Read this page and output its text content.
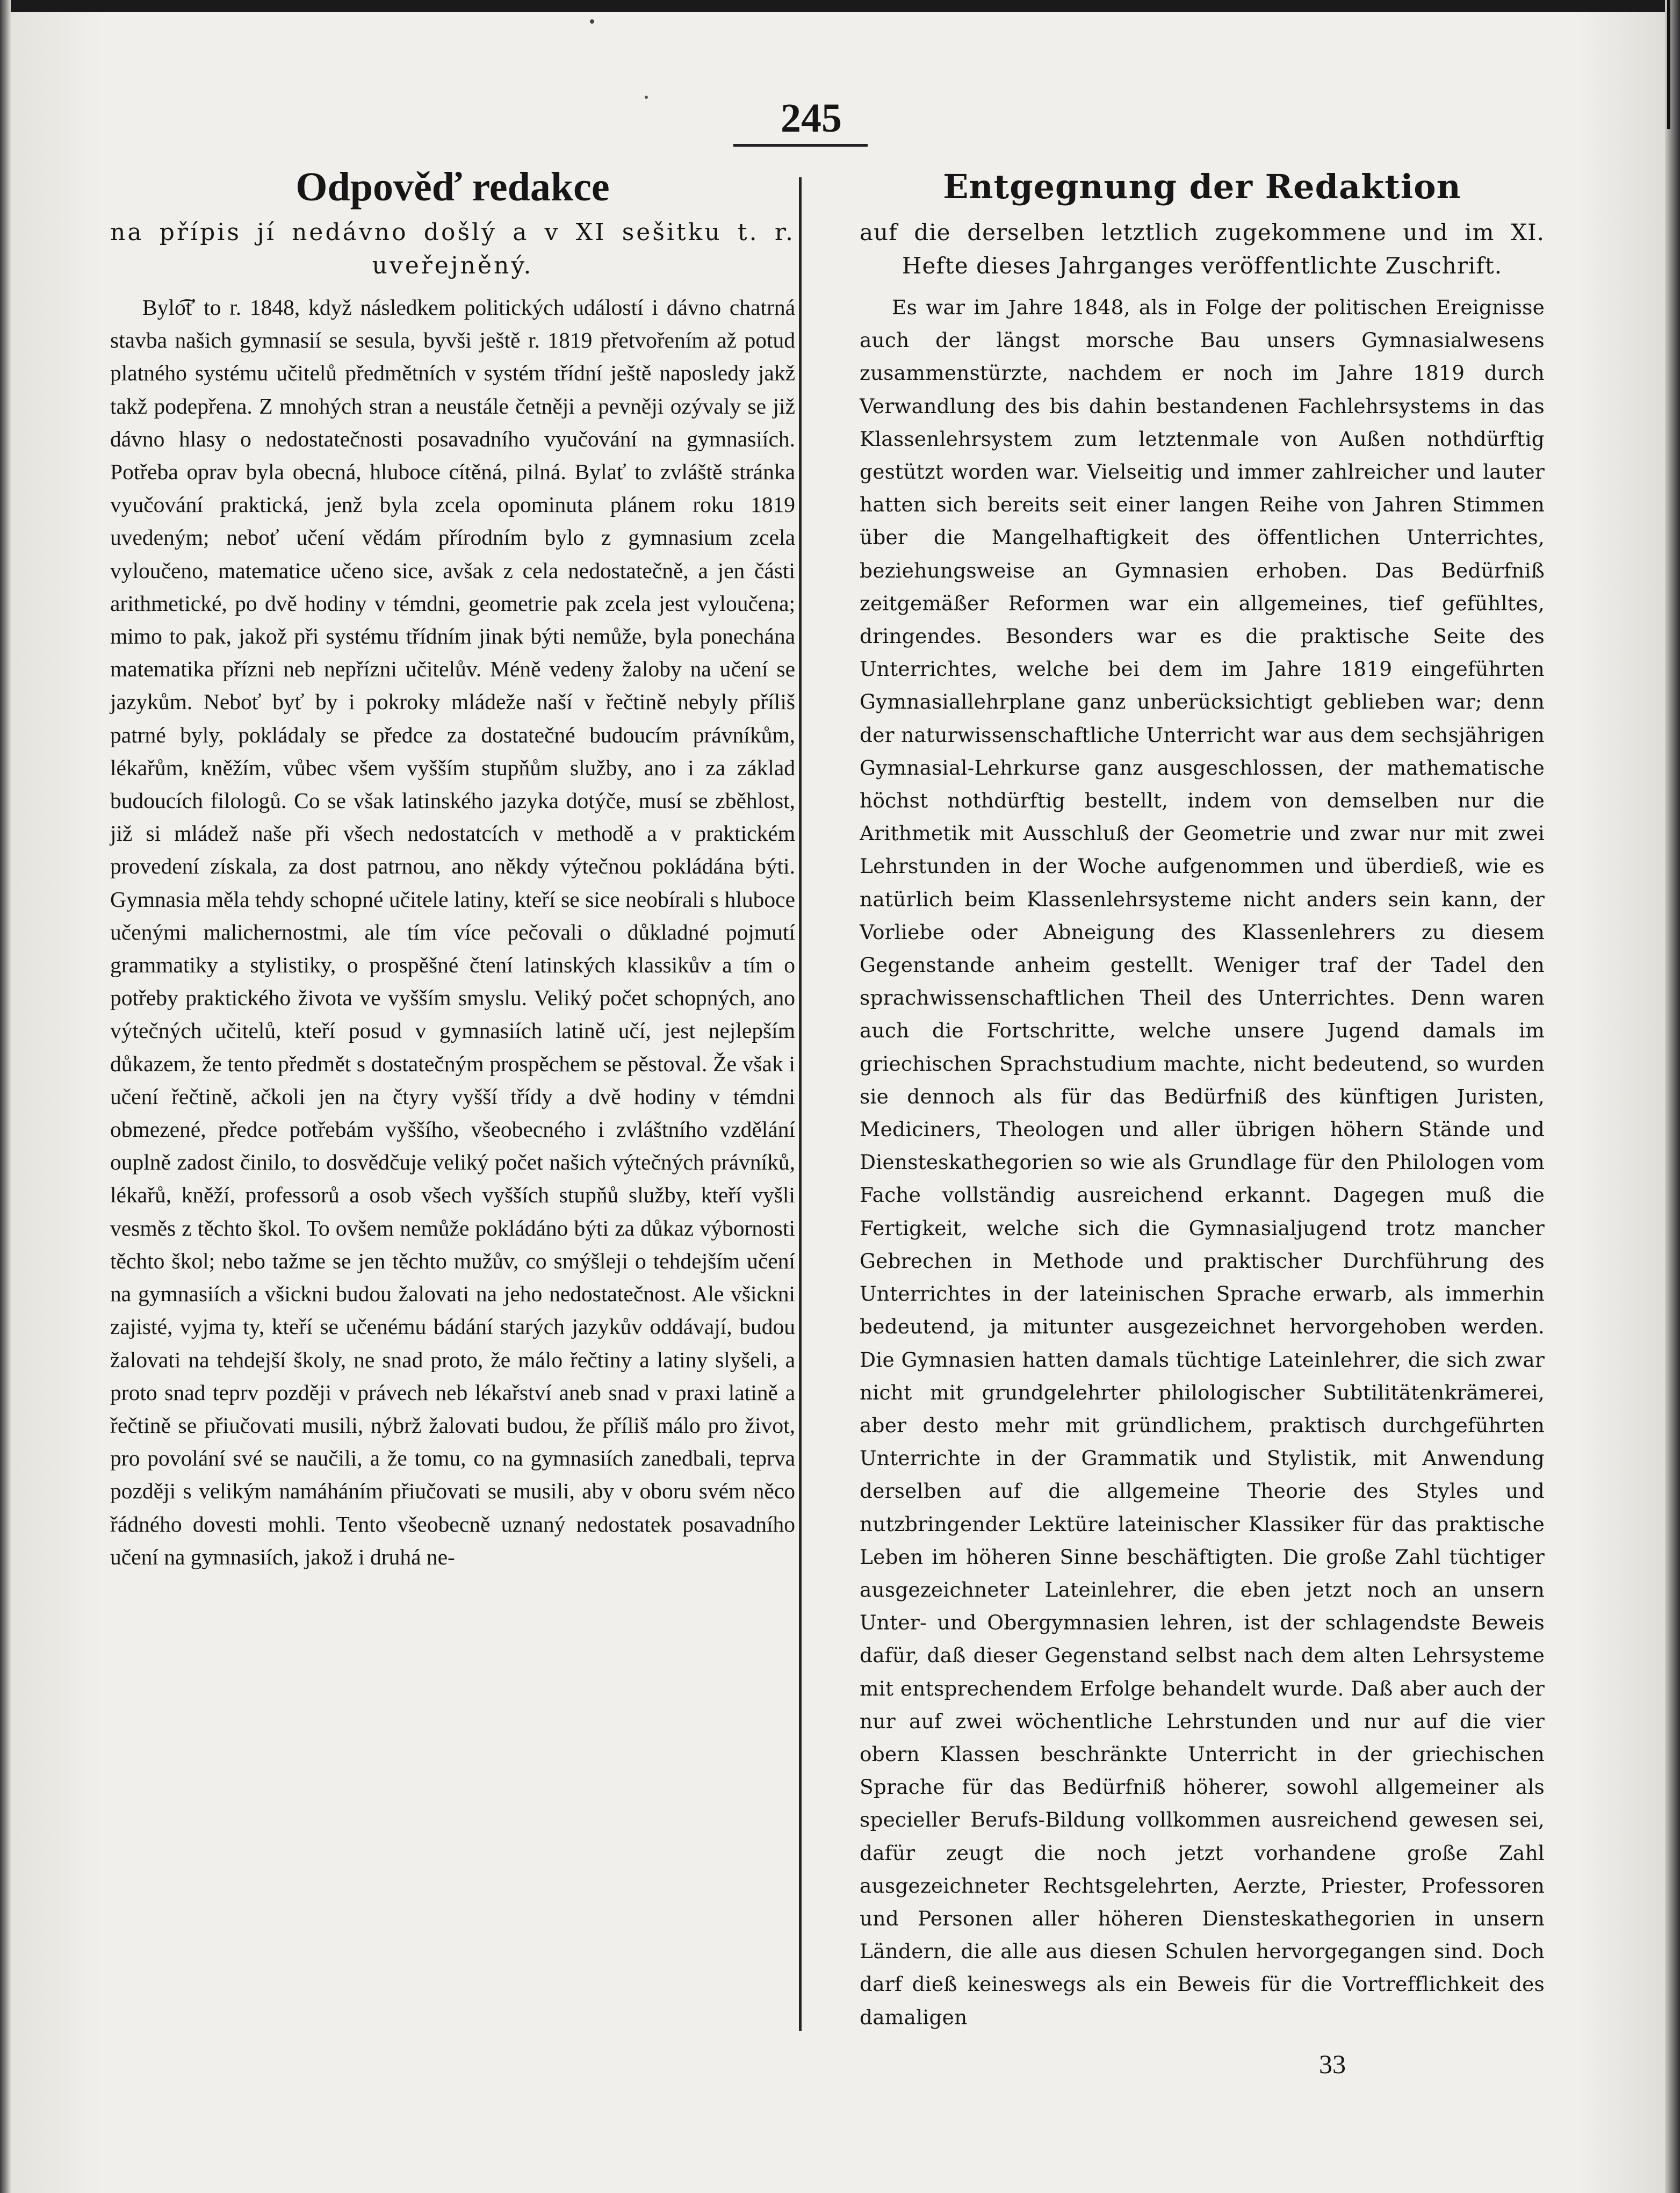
245
Odpověď redakce

na přípis jí nedávno došlý a v XI sešitku t. r. uveřejněný.

Bylo͡ť to r. 1848, když následkem politických událostí i dávno chatrná stavba našich gymnasií se sesula, byvši ještě r. 1819 přetvořením až potud platného systému učitelů předmětních v systém třídní ještě naposledy jakž takž podepřena. Z mnohých stran a neustále četněji a pevněji ozývaly se již dávno hlasy o nedostatečnosti posavadního vyučování na gymnasiích. Potřeba oprav byla obecná, hluboce cítěná, pilná. Bylať to zvláště stránka vyučování praktická, jenž byla zcela opominuta plánem roku 1819 uvedeným; neboť učení vědám přírodním bylo z gymnasium zcela vyloučeno, matematice učeno sice, avšak z cela nedostatečně, a jen části arithmetické, po dvě hodiny v témdni, geometrie pak zcela jest vyloučena; mimo to pak, jakož při systému třídním jinak býti nemůže, byla ponechána matematika přízni neb nepřízni učitelův. Méně vedeny žaloby na učení se jazykům. Neboť byť by i pokroky mládeže naší v řečtině nebyly příliš patrné byly, pokládaly se předce za dostatečné budoucím právníkům, lékařům, kněžím, vůbec všem vyšším stupňům služby, ano i za základ budoucích filologů. Co se však latinského jazyka dotýče, musí se zběhlost, již si mládež naše při všech nedostatcích v methodě a v praktickém provedení získala, za dost patrnou, ano někdy výtečnou pokládána býti. Gymnasia měla tehdy schopné učitele latiny, kteří se sice neobírali s hluboce učenými malichernostmi, ale tím více pečovali o důkladné pojmutí grammatiky a stylistiky, o prospěšné čtení latinských klassikův a tím o potřeby praktického života ve vyšším smyslu. Veliký počet schopných, ano výtečných učitelů, kteří posud v gymnasiích latině učí, jest nejlepším důkazem, že tento předmět s dostatečným prospěchem se pěstoval. Že však i učení řečtině, ačkoli jen na čtyry vyšší třídy a dvě hodiny v témdni obmezené, předce potřebám vyššího, všeobecného i zvláštního vzdělání ouplně zadost činilo, to dosvědčuje veliký počet našich výtečných právníků, lékařů, kněží, professorů a osob všech vyšších stupňů služby, kteří vyšli vesměs z těchto škol. To ovšem nemůže pokládáno býti za důkaz výbornosti těchto škol; nebo tažme se jen těchto mužův, co smýšleji o tehdejším učení na gymnasiích a všickni budou žalovati na jeho nedostatečnost. Ale všickni zajisté, vyjma ty, kteří se učenému bádání starých jazykův oddávají, budou žalovati na tehdejší školy, ne snad proto, že málo řečtiny a latiny slyšeli, a proto snad teprv později v právech neb lékařství aneb snad v praxi latině a řečtině se přiučovati musili, nýbrž žalovati budou, že příliš málo pro život, pro povolání své se naučili, a že tomu, co na gymnasiích zanedbali, teprva později s velikým namáháním přiučovati se musili, aby v oboru svém něco řádného dovesti mohli. Tento všeobecně uznaný nedostatek posavadního učení na gymnasiích, jakož i druhá ne-

Entgegnung der Redaktion

auf die derselben letztlich zugekommene und im XI. Hefte dieses Jahrganges veröffentlichte Zuschrift.

Es war im Jahre 1848, als in Folge der politischen Ereignisse auch der längst morsche Bau unsers Gymnasialwesens zusammenstürzte, nachdem er noch im Jahre 1819 durch Verwandlung des bis dahin bestandenen Fachlehrsystems in das Klassenlehrsystem zum letztenmale von Außen nothdürftig gestützt worden war. Vielseitig und immer zahlreicher und lauter hatten sich bereits seit einer langen Reihe von Jahren Stimmen über die Mangelhaftigkeit des öffentlichen Unterrichtes, beziehungsweise an Gymnasien erhoben. Das Bedürfniß zeitgemäßer Reformen war ein allgemeines, tief gefühltes, dringendes. Besonders war es die praktische Seite des Unterrichtes, welche bei dem im Jahre 1819 eingeführten Gymnasiallehrplane ganz unberücksichtigt geblieben war; denn der naturwissenschaftliche Unterricht war aus dem sechsjährigen Gymnasial-Lehrkurse ganz ausgeschlossen, der mathematische höchst nothdürftig bestellt, indem von demselben nur die Arithmetik mit Ausschluß der Geometrie und zwar nur mit zwei Lehrstunden in der Woche aufgenommen und überdieß, wie es natürlich beim Klassenlehrsysteme nicht anders sein kann, der Vorliebe oder Abneigung des Klassenlehrers zu diesem Gegenstande anheim gestellt. Weniger traf der Tadel den sprachwissenschaftlichen Theil des Unterrichtes. Denn waren auch die Fortschritte, welche unsere Jugend damals im griechischen Sprachstudium machte, nicht bedeutend, so wurden sie dennoch als für das Bedürfniß des künftigen Juristen, Mediciners, Theologen und aller übrigen höhern Stände und Diensteskathegorien so wie als Grundlage für den Philologen vom Fache vollständig ausreichend erkannt. Dagegen muß die Fertigkeit, welche sich die Gymnasialjugend trotz mancher Gebrechen in Methode und praktischer Durchführung des Unterrichtes in der lateinischen Sprache erwarb, als immerhin bedeutend, ja mitunter ausgezeichnet hervorgehoben werden. Die Gymnasien hatten damals tüchtige Lateinlehrer, die sich zwar nicht mit grundgelehrter philologischer Subtilitätenkrämerei, aber desto mehr mit gründlichem, praktisch durchgeführten Unterrichte in der Grammatik und Stylistik, mit Anwendung derselben auf die allgemeine Theorie des Styles und nutzbringender Lektüre lateinischer Klassiker für das praktische Leben im höheren Sinne beschäftigten. Die große Zahl tüchtiger ausgezeichneter Lateinlehrer, die eben jetzt noch an unsern Unter- und Obergymnasien lehren, ist der schlagendste Beweis dafür, daß dieser Gegenstand selbst nach dem alten Lehrsysteme mit entsprechendem Erfolge behandelt wurde. Daß aber auch der nur auf zwei wöchentliche Lehrstunden und nur auf die vier obern Klassen beschränkte Unterricht in der griechischen Sprache für das Bedürfniß höherer, sowohl allgemeiner als specieller Berufs-Bildung vollkommen ausreichend gewesen sei, dafür zeugt die noch jetzt vorhandene große Zahl ausgezeichneter Rechtsgelehrten, Aerzte, Priester, Professoren und Personen aller höheren Diensteskathegorien in unsern Ländern, die alle aus diesen Schulen hervorgegangen sind. Doch darf dieß keineswegs als ein Beweis für die Vortrefflichkeit des damaligen

33
